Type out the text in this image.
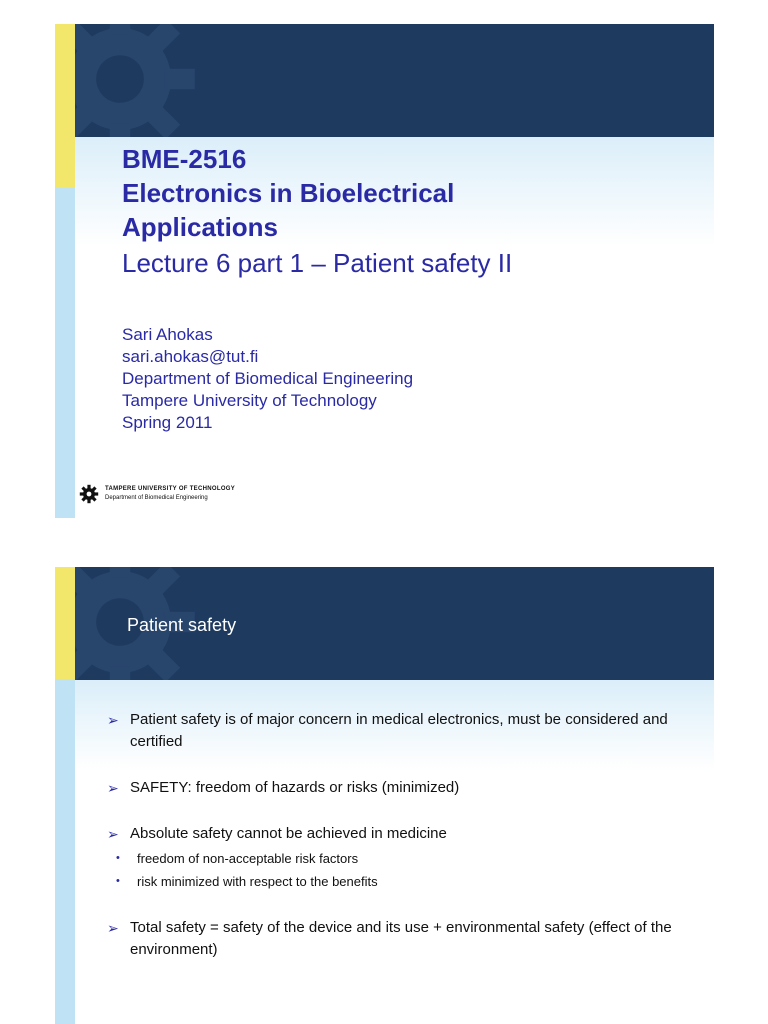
BME-2516
Electronics in Bioelectrical
Applications
Lecture 6 part 1 – Patient safety II
Sari Ahokas
sari.ahokas@tut.fi
Department of Biomedical Engineering
Tampere University of Technology
Spring 2011
TAMPERE UNIVERSITY OF TECHNOLOGY
Department of Biomedical Engineering
Patient safety
➢ Patient safety is of major concern in medical electronics, must be considered and certified
➢ SAFETY: freedom of hazards or risks (minimized)
➢ Absolute safety cannot be achieved in medicine
• freedom of non-acceptable risk factors
• risk minimized with respect to the benefits
➢ Total safety = safety of the device and its use + environmental safety (effect of the environment)
